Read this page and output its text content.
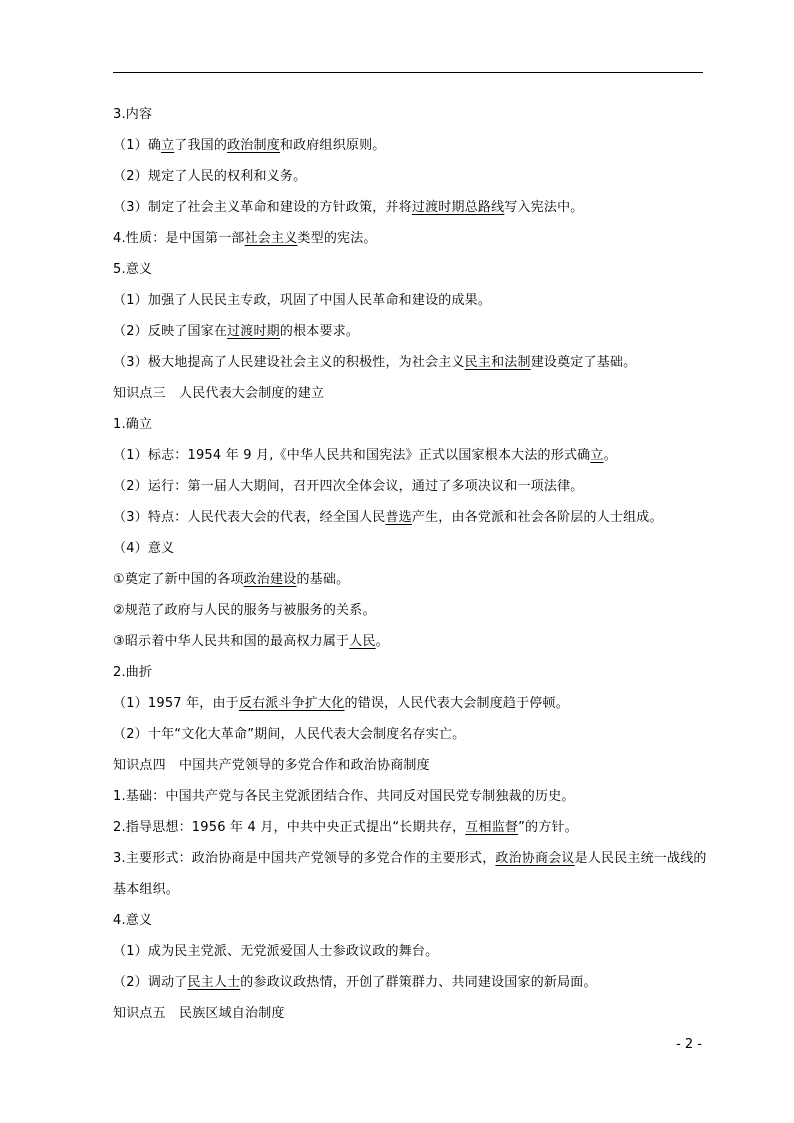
3.内容
（1）确立了我国的政治制度和政府组织原则。
（2）规定了人民的权利和义务。
（3）制定了社会主义革命和建设的方针政策，并将过渡时期总路线写入宪法中。
4.性质：是中国第一部社会主义类型的宪法。
5.意义
（1）加强了人民民主专政，巩固了中国人民革命和建设的成果。
（2）反映了国家在过渡时期的根本要求。
（3）极大地提高了人民建设社会主义的积极性，为社会主义民主和法制建设奠定了基础。
知识点三　人民代表大会制度的建立
1.确立
（1）标志：1954 年 9 月,《中华人民共和国宪法》正式以国家根本大法的形式确立。
（2）运行：第一届人大期间，召开四次全体会议，通过了多项决议和一项法律。
（3）特点：人民代表大会的代表，经全国人民普选产生，由各党派和社会各阶层的人士组成。
（4）意义
①奠定了新中国的各项政治建设的基础。
②规范了政府与人民的服务与被服务的关系。
③昭示着中华人民共和国的最高权力属于人民。
2.曲折
（1）1957 年，由于反右派斗争扩大化的错误，人民代表大会制度趋于停顿。
（2）十年“文化大革命”期间，人民代表大会制度名存实亡。
知识点四　中国共产党领导的多党合作和政治协商制度
1.基础：中国共产党与各民主党派团结合作、共同反对国民党专制独裁的历史。
2.指导思想：1956 年 4 月，中共中央正式提出“长期共存，互相监督”的方针。
3.主要形式：政治协商是中国共产党领导的多党合作的主要形式，政治协商会议是人民民主统一战线的基本组织。
4.意义
（1）成为民主党派、无党派爱国人士参政议政的舞台。
（2）调动了民主人士的参政议政热情，开创了群策群力、共同建设国家的新局面。
知识点五　民族区域自治制度
- 2 -
